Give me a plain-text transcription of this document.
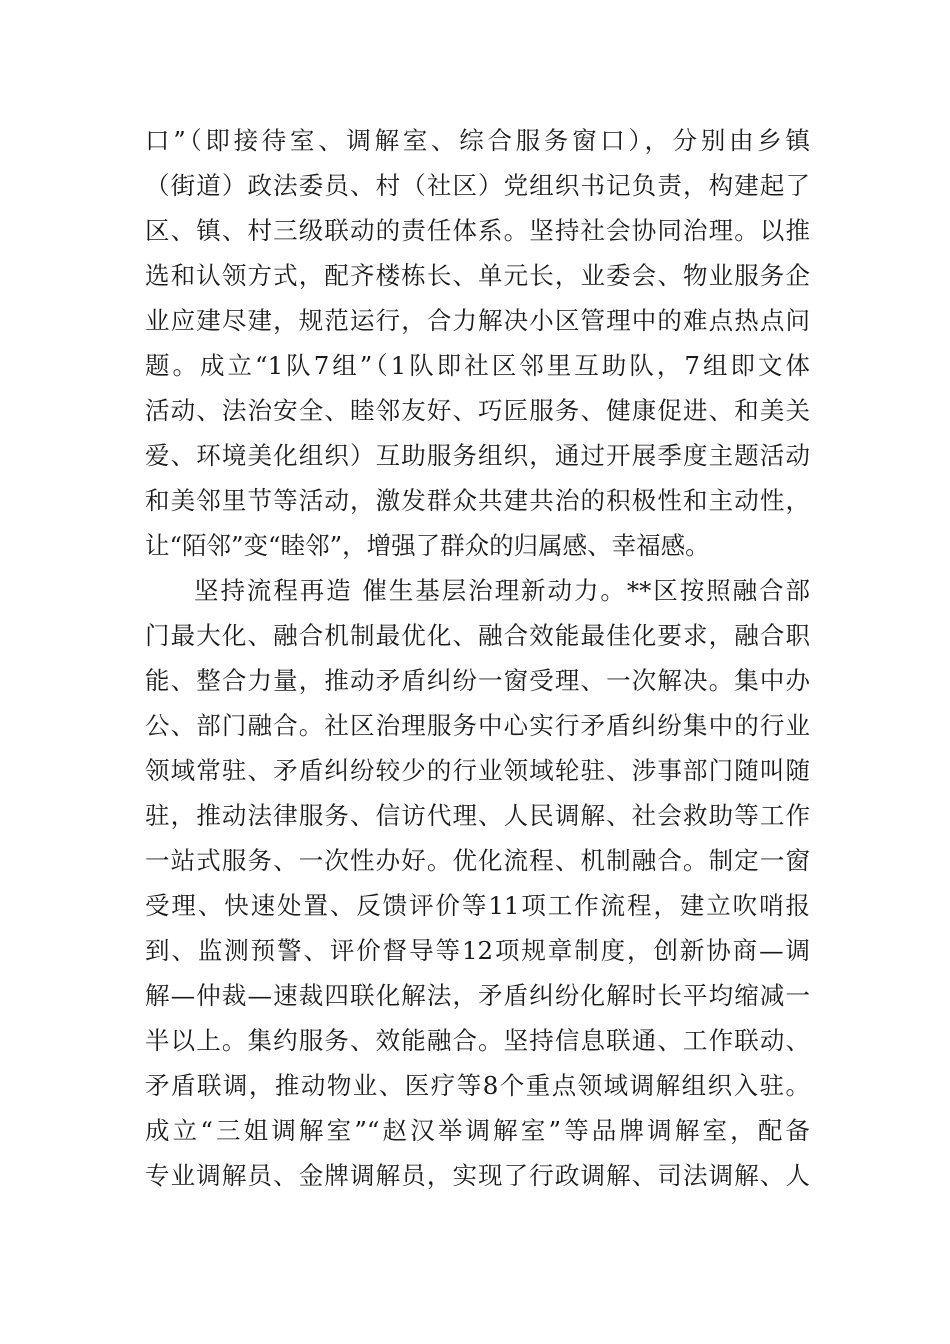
口”（即接待室、调解室、综合服务窗口），分别由乡镇
（街道）政法委员、村（社区）党组织书记负责，构建起了
区、镇、村三级联动的责任体系。坚持社会协同治理。以推
选和认领方式，配齐楼栋长、单元长，业委会、物业服务企
业应建尽建，规范运行，合力解决小区管理中的难点热点问
题。成立“1队7组”（1队即社区邻里互助队，7组即文体
活动、法治安全、睦邻友好、巧匠服务、健康促进、和美关
爱、环境美化组织）互助服务组织，通过开展季度主题活动
和美邻里节等活动，激发群众共建共治的积极性和主动性，
让“陌邻”变“睦邻”，增强了群众的归属感、幸福感。
坚持流程再造 催生基层治理新动力。**区按照融合部
门最大化、融合机制最优化、融合效能最佳化要求，融合职
能、整合力量，推动矛盾纠纷一窗受理、一次解决。集中办
公、部门融合。社区治理服务中心实行矛盾纠纷集中的行业
领域常驻、矛盾纠纷较少的行业领域轮驻、涉事部门随叫随
驻，推动法律服务、信访代理、人民调解、社会救助等工作
一站式服务、一次性办好。优化流程、机制融合。制定一窗
受理、快速处置、反馈评价等11项工作流程，建立吹哨报
到、监测预警、评价督导等12项规章制度，创新协商—调
解—仲裁—速裁四联化解法，矛盾纠纷化解时长平均缩减一
半以上。集约服务、效能融合。坚持信息联通、工作联动、
矛盾联调，推动物业、医疗等8个重点领域调解组织入驻。
成立“三姐调解室”“赵汉举调解室”等品牌调解室，配备
专业调解员、金牌调解员，实现了行政调解、司法调解、人
